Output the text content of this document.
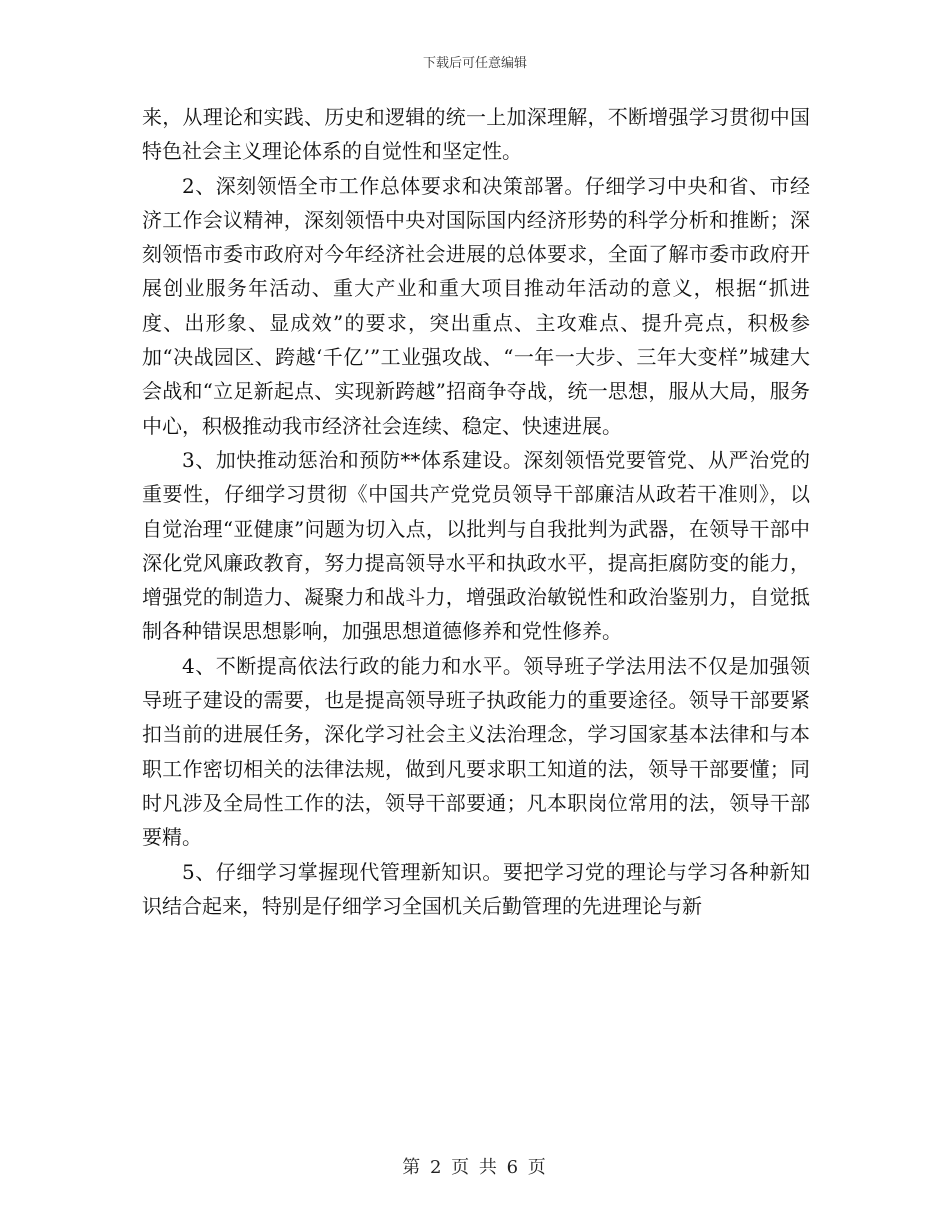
下载后可任意编辑

来，从理论和实践、历史和逻辑的统一上加深理解，不断增强学习贯彻中国特色社会主义理论体系的自觉性和坚定性。

2、深刻领悟全市工作总体要求和决策部署。仔细学习中央和省、市经济工作会议精神，深刻领悟中央对国际国内经济形势的科学分析和推断；深刻领悟市委市政府对今年经济社会进展的总体要求，全面了解市委市政府开展创业服务年活动、重大产业和重大项目推动年活动的意义，根据“抓进度、出形象、显成效”的要求，突出重点、主攻难点、提升亮点，积极参加“决战园区、跨越‘千亿’”工业强攻战、“一年一大步、三年大变样”城建大会战和“立足新起点、实现新跨越”招商争夺战，统一思想，服从大局，服务中心，积极推动我市经济社会连续、稳定、快速进展。

3、加快推动惩治和预防**体系建设。深刻领悟党要管党、从严治党的重要性，仔细学习贯彻《中国共产党党员领导干部廉洁从政若干准则》，以自觉治理“亚健康”问题为切入点，以批判与自我批判为武器，在领导干部中深化党风廉政教育，努力提高领导水平和执政水平，提高拒腐防变的能力，增强党的制造力、凝聚力和战斗力，增强政治敏锐性和政治鉴别力，自觉抵制各种错误思想影响，加强思想道德修养和党性修养。

4、不断提高依法行政的能力和水平。领导班子学法用法不仅是加强领导班子建设的需要，也是提高领导班子执政能力的重要途径。领导干部要紧扣当前的进展任务，深化学习社会主义法治理念，学习国家基本法律和与本职工作密切相关的法律法规，做到凡要求职工知道的法，领导干部要懂；同时凡涉及全局性工作的法，领导干部要通；凡本职岗位常用的法，领导干部要精。

5、仔细学习掌握现代管理新知识。要把学习党的理论与学习各种新知识结合起来，特别是仔细学习全国机关后勤管理的先进理论与新

第 2 页 共 6 页
